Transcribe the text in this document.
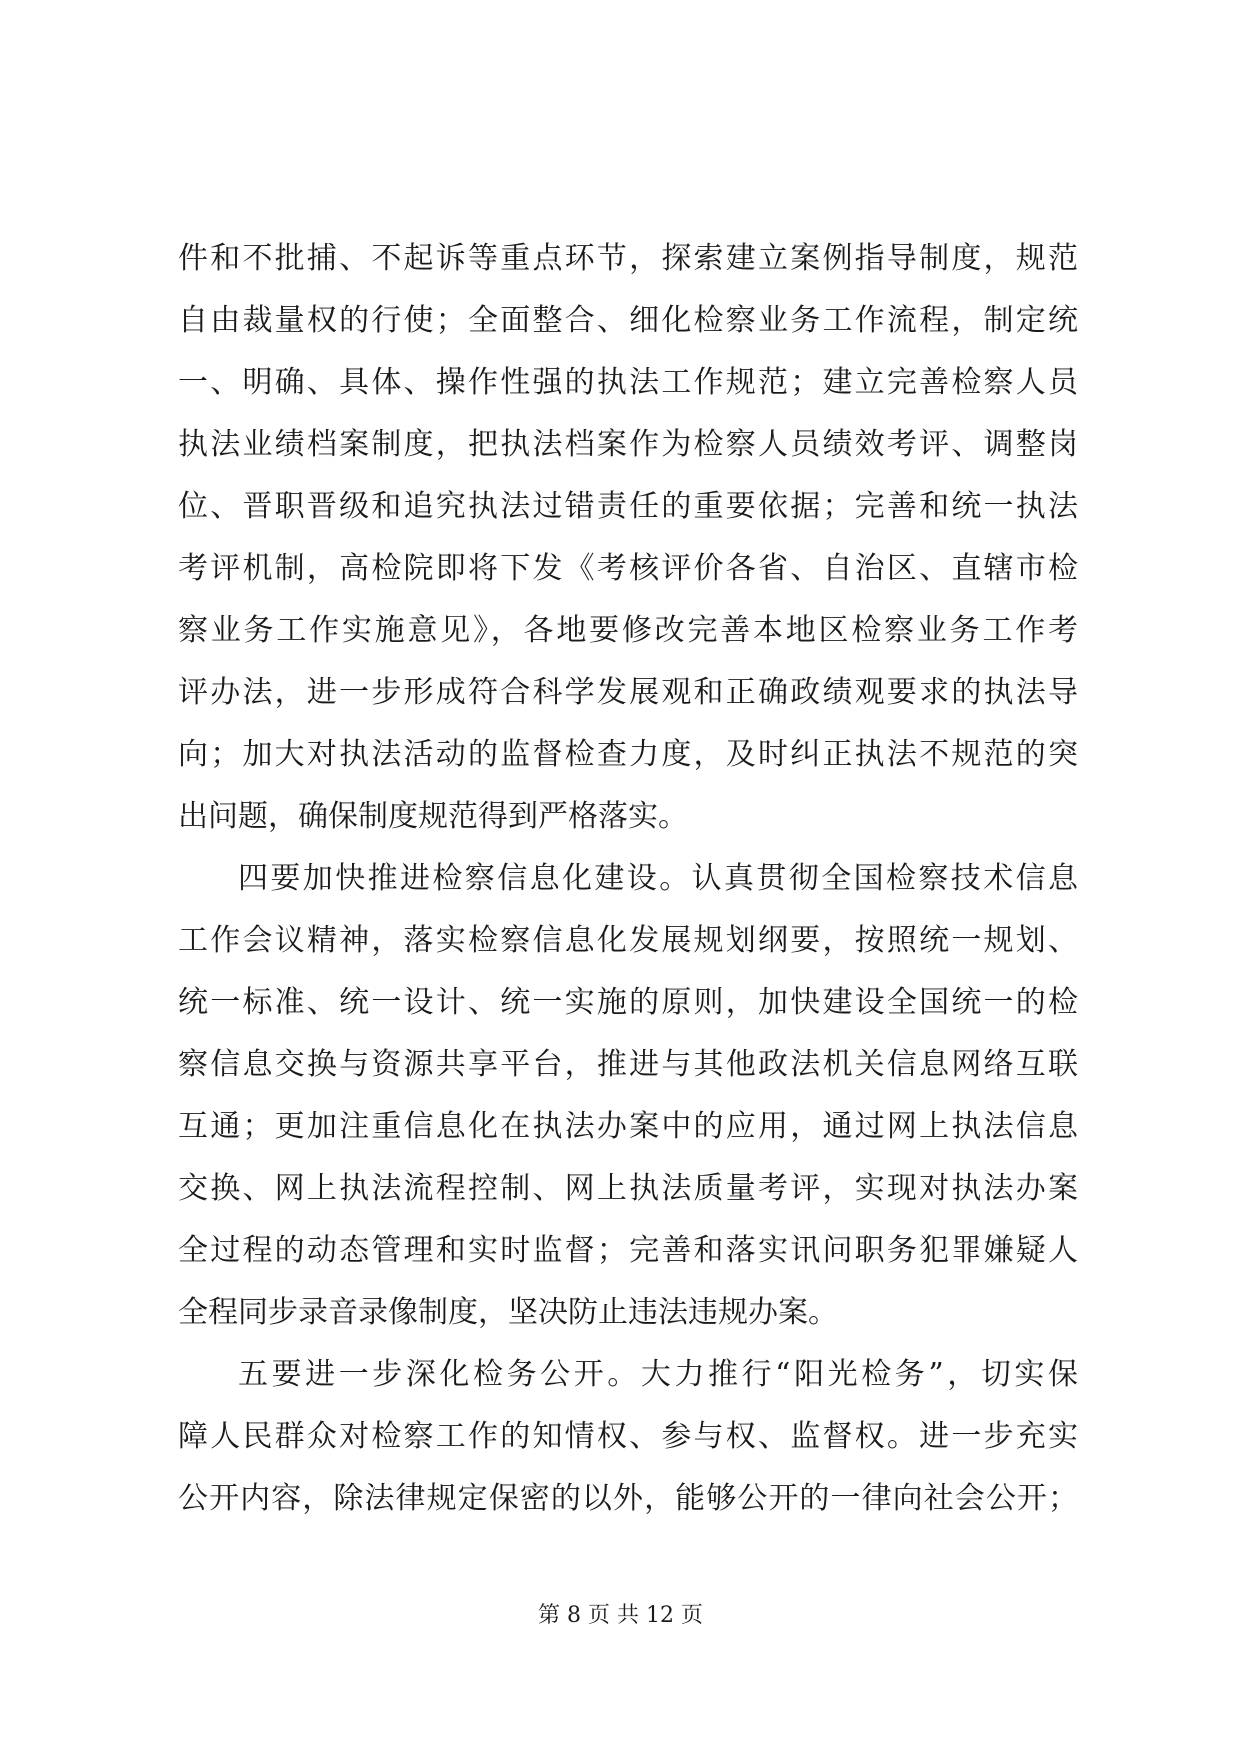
件和不批捕、不起诉等重点环节，探索建立案例指导制度，规范
自由裁量权的行使；全面整合、细化检察业务工作流程，制定统
一、明确、具体、操作性强的执法工作规范；建立完善检察人员
执法业绩档案制度，把执法档案作为检察人员绩效考评、调整岗
位、晋职晋级和追究执法过错责任的重要依据；完善和统一执法
考评机制，高检院即将下发《考核评价各省、自治区、直辖市检
察业务工作实施意见》，各地要修改完善本地区检察业务工作考
评办法，进一步形成符合科学发展观和正确政绩观要求的执法导
向；加大对执法活动的监督检查力度，及时纠正执法不规范的突
出问题，确保制度规范得到严格落实。
四要加快推进检察信息化建设。认真贯彻全国检察技术信息
工作会议精神，落实检察信息化发展规划纲要，按照统一规划、
统一标准、统一设计、统一实施的原则，加快建设全国统一的检
察信息交换与资源共享平台，推进与其他政法机关信息网络互联
互通；更加注重信息化在执法办案中的应用，通过网上执法信息
交换、网上执法流程控制、网上执法质量考评，实现对执法办案
全过程的动态管理和实时监督；完善和落实讯问职务犯罪嫌疑人
全程同步录音录像制度，坚决防止违法违规办案。
五要进一步深化检务公开。大力推行“阳光检务”，切实保
障人民群众对检察工作的知情权、参与权、监督权。进一步充实
公开内容，除法律规定保密的以外，能够公开的一律向社会公开；
第 8 页 共 12 页
